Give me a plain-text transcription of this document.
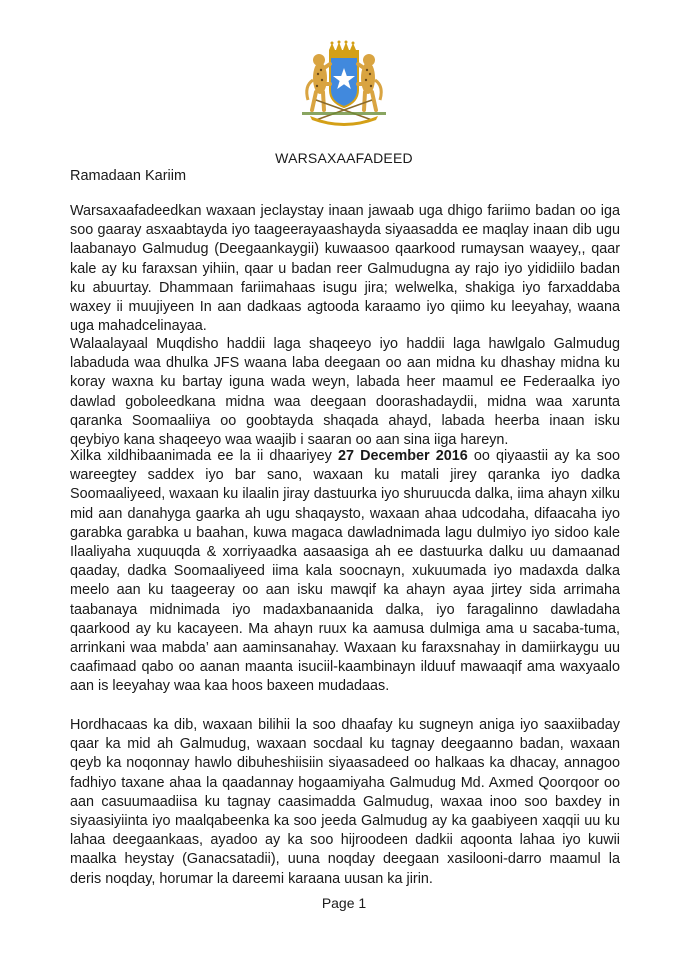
WARSAXAAFADEED
Ramadaan Kariim

Warsaxaafadeedkan waxaan jeclaystay inaan jawaab uga dhigo fariimo badan oo iga soo gaaray asxaabtayda iyo taageerayaashayda siyaasadda ee maqlay inaan dib ugu laabanayo Galmudug (Deegaankaygii) kuwaasoo qaarkood rumaysan waayey,, qaar kale ay ku faraxsan yihiin, qaar u badan reer Galmudugna ay rajo iyo yididiilo badan ku abuurtay. Dhammaan fariimahaas isugu jira; welwelka, shakiga iyo farxaddaba waxey ii muujiyeen In aan dadkaas agtooda karaamo iyo qiimo ku leeyahay, waana uga mahadcelinayaa.

Walaalayaal Muqdisho haddii laga shaqeeyo iyo haddii laga hawlgalo Galmudug labaduda waa dhulka JFS waana laba deegaan oo aan midna ku dhashay midna ku koray waxna ku bartay iguna wada weyn, labada heer maamul ee Federaalka iyo dawlad goboleedkana midna waa deegaan doorashadaydii, midna waa xarunta qaranka Soomaaliiya oo goobtayda shaqada ahayd, labada heerba inaan isku qeybiyo kana shaqeeyo waa waajib i saaran oo aan sina iiga hareyn.

Xilka xildhibaanimada ee la ii dhaariyey 27 December 2016 oo qiyaastii ay ka soo wareegtey saddex iyo bar sano, waxaan ku matali jirey qaranka iyo dadka Soomaaliyeed, waxaan ku ilaalin jiray dastuurka iyo shuruucda dalka, iima ahayn xilku mid aan danahyga gaarka ah ugu shaqaysto, waxaan ahaa udcodaha, difaacaha iyo garabka garabka u baahan, kuwa magaca dawladnimada lagu dulmiyo iyo sidoo kale Ilaaliyaha xuquuqda & xorriyaadka aasaasiga ah ee dastuurka dalku uu damaanad qaaday, dadka Soomaaliyeed iima kala soocnayn, xukuumada iyo madaxda dalka meelo aan ku taageeray oo aan isku mawqif ka ahayn ayaa jirtey sida arrimaha taabanaya midnimada iyo madaxbanaanida dalka, iyo faragalinno dawladaha qaarkood ay ku kacayeen. Ma ahayn ruux ka aamusa dulmiga ama u sacaba-tuma, arrinkani waa mabda’ aan aaminsanahay. Waxaan ku faraxsnahay in damiirkaygu uu caafimaad qabo oo aanan maanta isuciil-kaambinayn ilduuf mawaaqif ama waxyaalo aan is leeyahay waa kaa hoos baxeen mudadaas.

Hordhacaas ka dib, waxaan bilihii la soo dhaafay ku sugneyn aniga iyo saaxiibaday qaar ka mid ah Galmudug, waxaan socdaal ku tagnay deegaanno badan, waxaan qeyb ka noqonnay hawlo dibuheshiisiin siyaasadeed oo halkaas ka dhacay, annagoo fadhiyo taxane ahaa la qaadannay hogaamiyaha Galmudug Md. Axmed Qoorqoor oo aan casuumaadiisa ku tagnay caasimadda Galmudug, waxaa inoo soo baxdey in siyaasiyiinta iyo maalqabeenka ka soo jeeda Galmudug ay ka gaabiyeen xaqqii uu ku lahaa deegaankaas, ayadoo ay ka soo hijroodeen dadkii aqoonta lahaa iyo kuwii maalka heystay (Ganacsatadii), uuna noqday deegaan xasilooni-darro maamul la deris noqday, horumar la dareemi karaana uusan ka jirin.

Page 1
